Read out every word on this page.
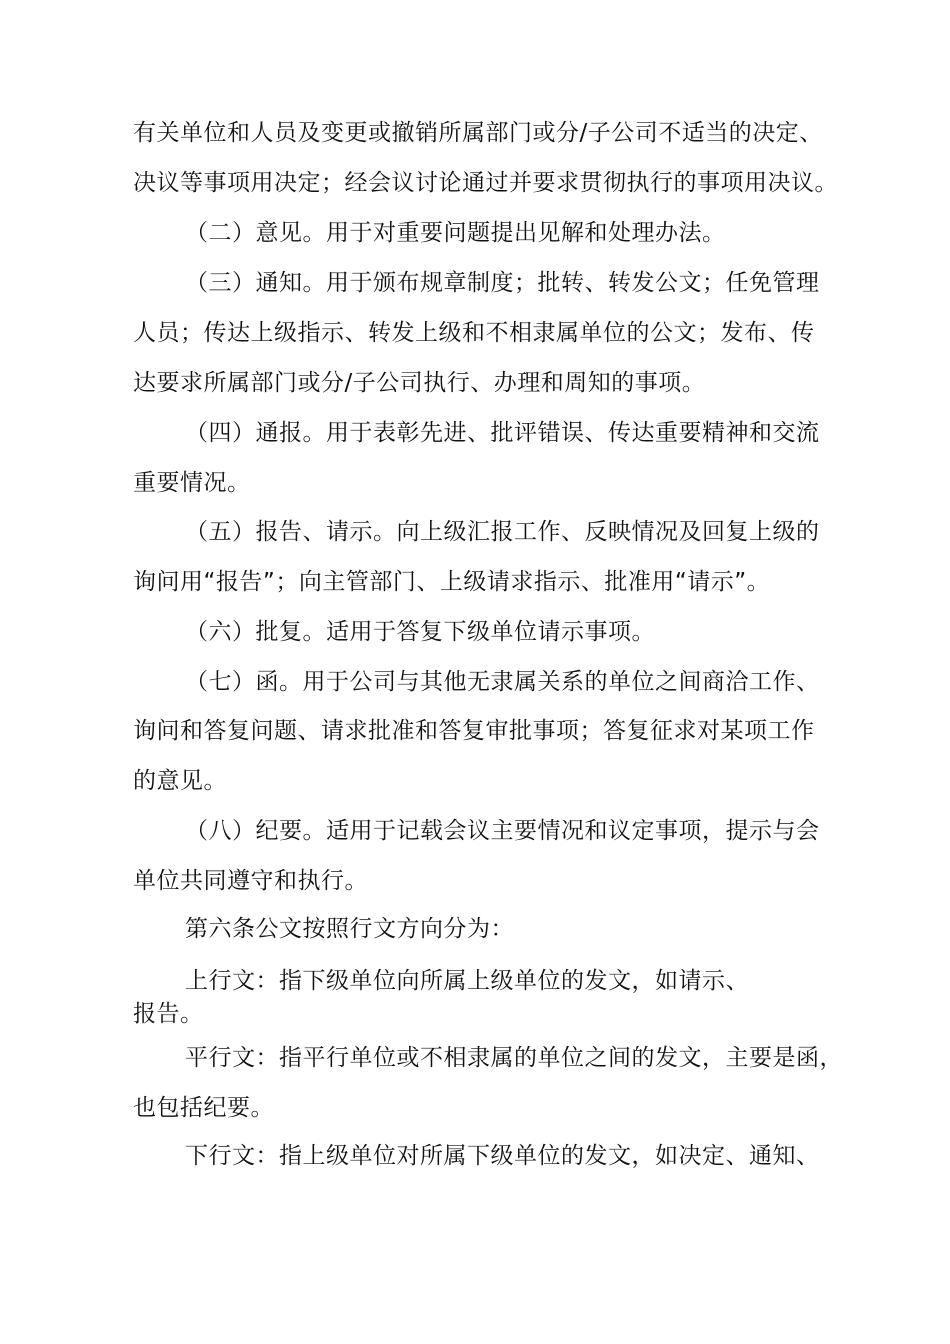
有关单位和人员及变更或撤销所属部门或分/子公司不适当的决定、
决议等事项用决定；经会议讨论通过并要求贯彻执行的事项用决议。
（二）意见。用于对重要问题提出见解和处理办法。
（三）通知。用于颁布规章制度；批转、转发公文；任免管理
人员；传达上级指示、转发上级和不相隶属单位的公文；发布、传
达要求所属部门或分/子公司执行、办理和周知的事项。
（四）通报。用于表彰先进、批评错误、传达重要精神和交流
重要情况。
（五）报告、请示。向上级汇报工作、反映情况及回复上级的
询问用“报告”；向主管部门、上级请求指示、批准用“请示”。
（六）批复。适用于答复下级单位请示事项。
（七）函。用于公司与其他无隶属关系的单位之间商洽工作、
询问和答复问题、请求批准和答复审批事项；答复征求对某项工作
的意见。
（八）纪要。适用于记载会议主要情况和议定事项，提示与会
单位共同遵守和执行。
第六条公文按照行文方向分为：
上行文：指下级单位向所属上级单位的发文，如请示、
报告。
平行文：指平行单位或不相隶属的单位之间的发文，主要是函，
也包括纪要。
下行文：指上级单位对所属下级单位的发文，如决定、通知、
